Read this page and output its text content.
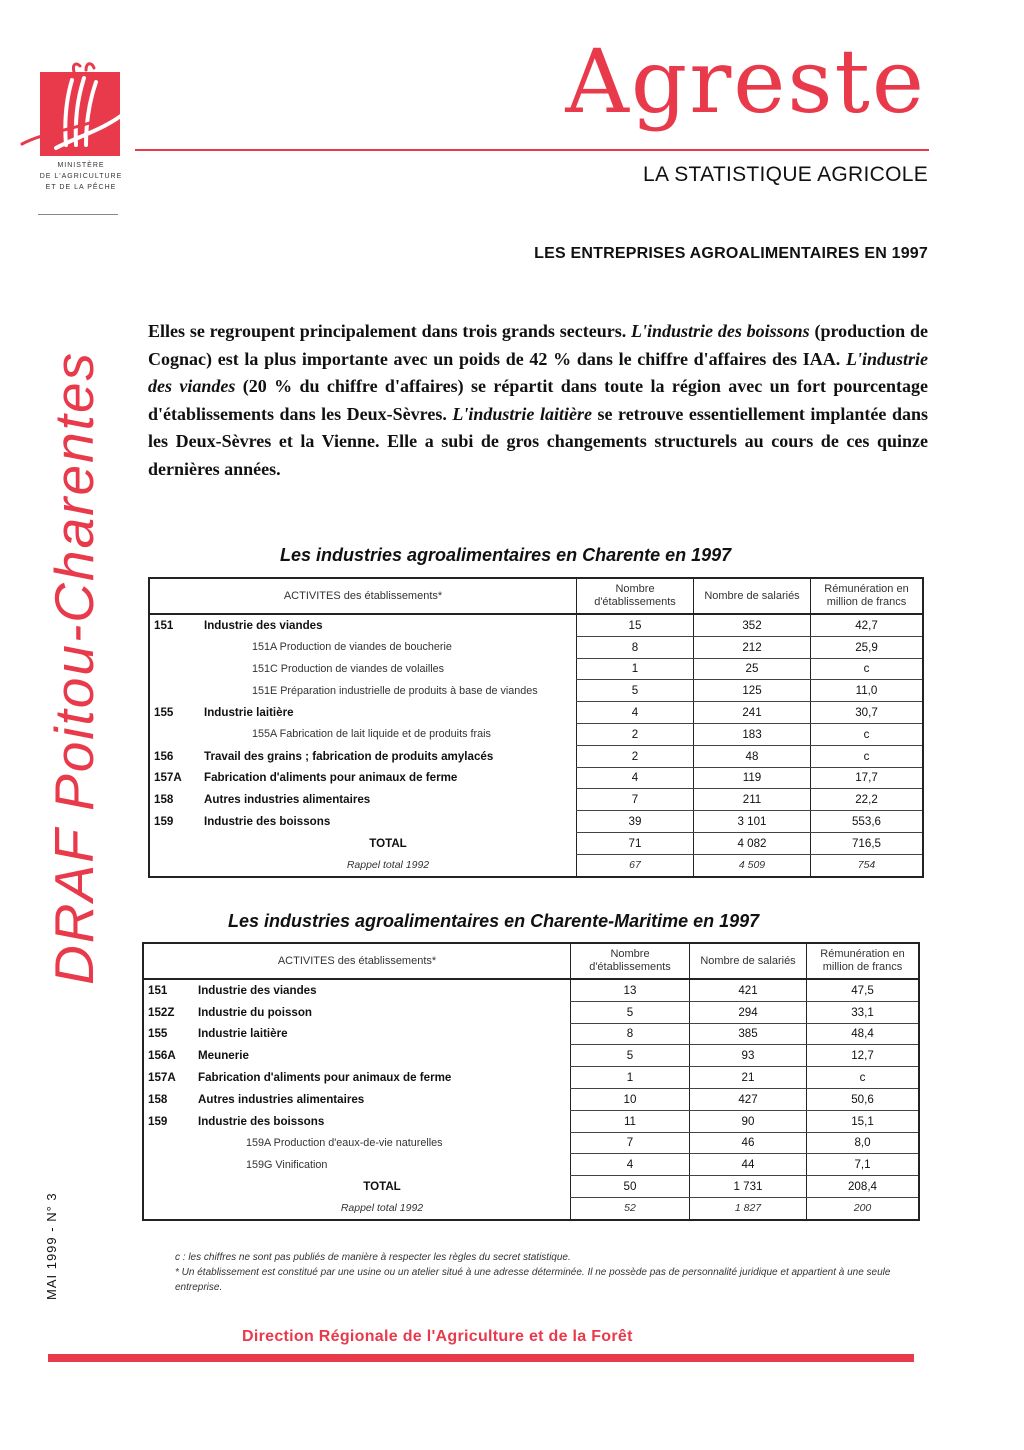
MINISTÈRE
DE L'AGRICULTURE
ET DE LA PÊCHE
Agreste
LA STATISTIQUE AGRICOLE
LES ENTREPRISES AGROALIMENTAIRES EN 1997
DRAF Poitou-Charentes
MAI 1999 - N° 3
Elles se regroupent principalement dans trois grands secteurs. L'industrie des boissons (production de Cognac) est la plus importante avec un poids de 42 % dans le chiffre d'affaires des IAA. L'industrie des viandes (20 % du chiffre d'affaires) se répartit dans toute la région avec un fort pourcentage d'établissements dans les Deux-Sèvres. L'industrie laitière se retrouve essentiellement implantée dans les Deux-Sèvres et la Vienne. Elle a subi de gros changements structurels au cours de ces quinze dernières années.
Les industries agroalimentaires en Charente en 1997
ACTIVITES des établissements*		Nombre d'établissements	Nombre de salariés	Rémunération en million de francs
151	Industrie des viandes	15	352	42,7
	151A Production de viandes de boucherie	8	212	25,9
	151C Production de viandes de volailles	1	25	c
	151E Préparation industrielle de produits à base de viandes	5	125	11,0
155	Industrie laitière	4	241	30,7
	155A Fabrication de lait liquide et de produits frais	2	183	c
156	Travail des grains ; fabrication de produits amylacés	2	48	c
157A	Fabrication d'aliments pour animaux de ferme	4	119	17,7
158	Autres industries alimentaires	7	211	22,2
159	Industrie des boissons	39	3 101	553,6
	TOTAL	71	4 082	716,5
	Rappel total 1992	67	4 509	754
Les industries agroalimentaires en Charente-Maritime en 1997
ACTIVITES des établissements*		Nombre d'établissements	Nombre de salariés	Rémunération en million de francs
151	Industrie des viandes	13	421	47,5
152Z	Industrie du poisson	5	294	33,1
155	Industrie laitière	8	385	48,4
156A	Meunerie	5	93	12,7
157A	Fabrication d'aliments pour animaux de ferme	1	21	c
158	Autres industries alimentaires	10	427	50,6
159	Industrie des boissons	11	90	15,1
	159A Production d'eaux-de-vie naturelles	7	46	8,0
	159G Vinification	4	44	7,1
	TOTAL	50	1 731	208,4
	Rappel total 1992	52	1 827	200
c : les chiffres ne sont pas publiés de manière à respecter les règles du secret statistique.
* Un établissement est constitué par une usine ou un atelier situé à une adresse déterminée. Il ne possède pas de personnalité juridique et appartient à une seule entreprise.
Direction Régionale de l'Agriculture et de la Forêt
